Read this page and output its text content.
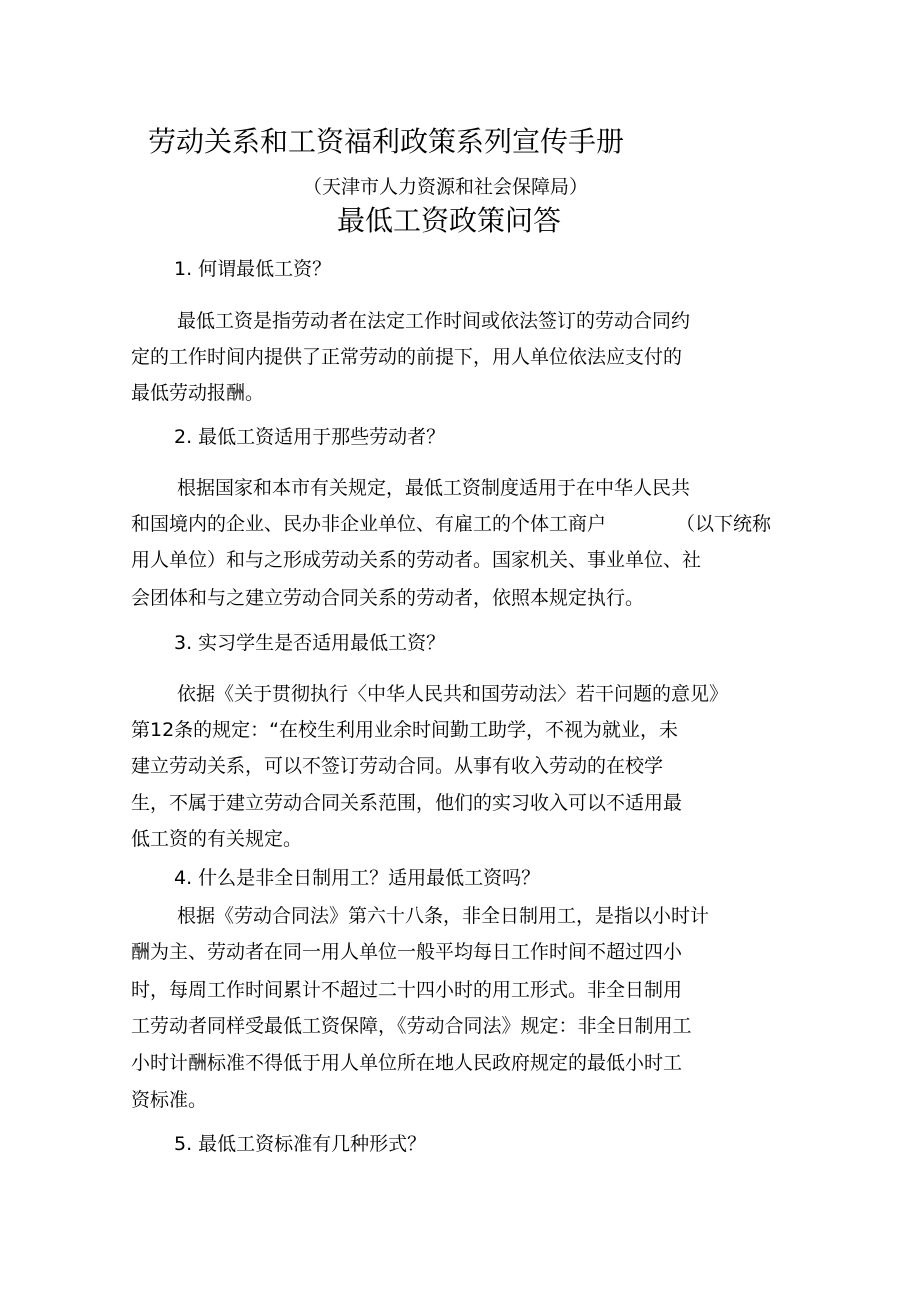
劳动关系和工资福利政策系列宣传手册
（天津市人力资源和社会保障局）
最低工资政策问答
1. 何谓最低工资？
最低工资是指劳动者在法定工作时间或依法签订的劳动合同约
定的工作时间内提供了正常劳动的前提下，用人单位依法应支付的
最低劳动报酬。
2. 最低工资适用于那些劳动者？
根据国家和本市有关规定，最低工资制度适用于在中华人民共
和国境内的企业、民办非企业单位、有雇工的个体工商户	（以下统称
用人单位）和与之形成劳动关系的劳动者。国家机关、事业单位、社
会团体和与之建立劳动合同关系的劳动者，依照本规定执行。
3. 实习学生是否适用最低工资？
依据《关于贯彻执行〈中华人民共和国劳动法〉若干问题的意见》
第12条的规定：“在校生利用业余时间勤工助学，不视为就业，未
建立劳动关系，可以不签订劳动合同。从事有收入劳动的在校学
生，不属于建立劳动合同关系范围，他们的实习收入可以不适用最
低工资的有关规定。
4. 什么是非全日制用工？适用最低工资吗？
根据《劳动合同法》第六十八条，非全日制用工，是指以小时计
酬为主、劳动者在同一用人单位一般平均每日工作时间不超过四小
时，每周工作时间累计不超过二十四小时的用工形式。非全日制用
工劳动者同样受最低工资保障，《劳动合同法》规定：非全日制用工
小时计酬标准不得低于用人单位所在地人民政府规定的最低小时工
资标准。
5. 最低工资标准有几种形式？
